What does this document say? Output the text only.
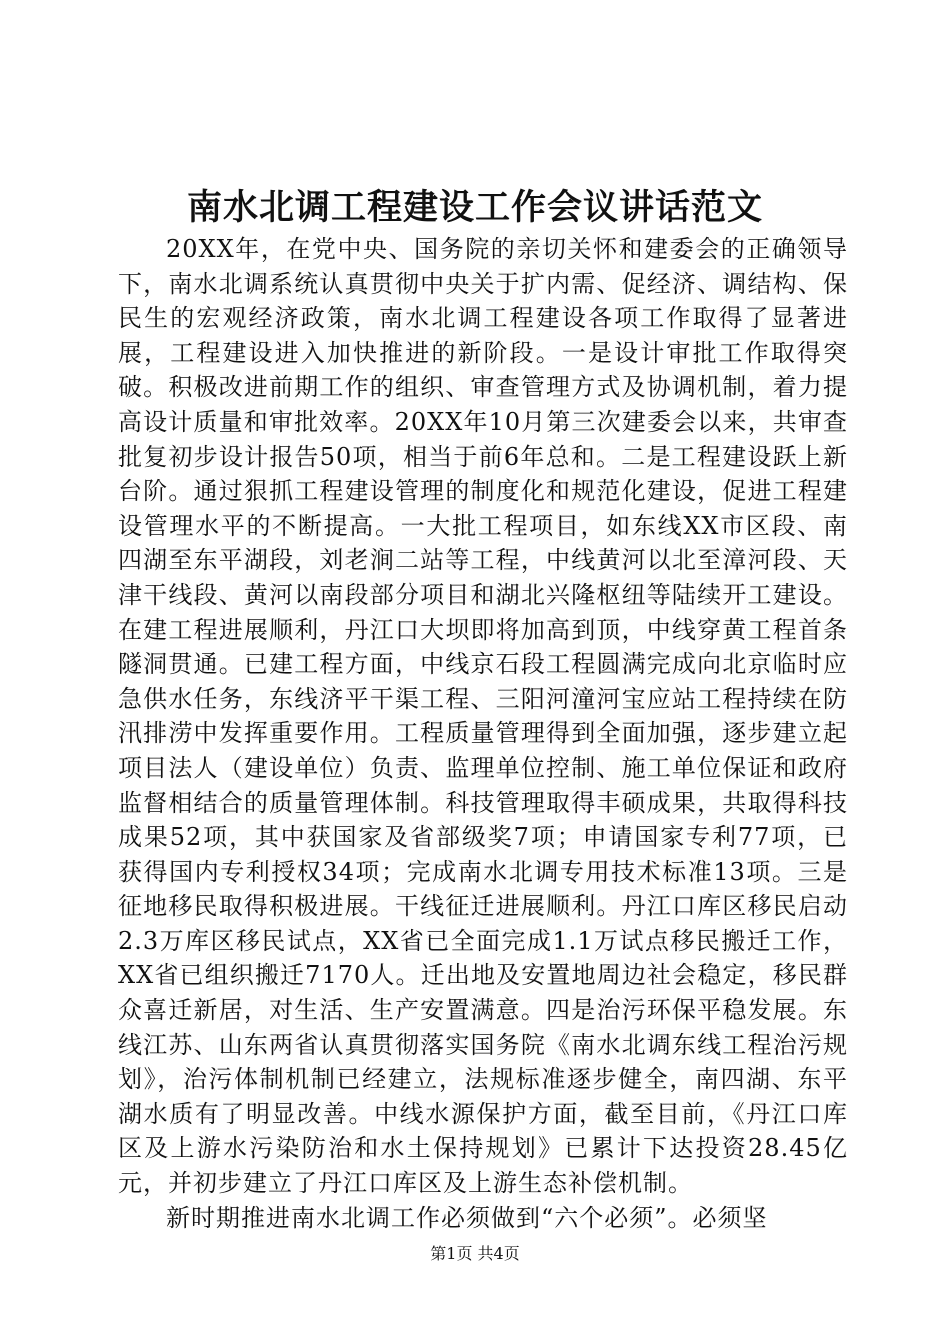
南水北调工程建设工作会议讲话范文

20XX年，在党中央、国务院的亲切关怀和建委会的正确领导下，南水北调系统认真贯彻中央关于扩内需、促经济、调结构、保民生的宏观经济政策，南水北调工程建设各项工作取得了显著进展，工程建设进入加快推进的新阶段。一是设计审批工作取得突破。积极改进前期工作的组织、审查管理方式及协调机制，着力提高设计质量和审批效率。20XX年10月第三次建委会以来，共审查批复初步设计报告50项，相当于前6年总和。二是工程建设跃上新台阶。通过狠抓工程建设管理的制度化和规范化建设，促进工程建设管理水平的不断提高。一大批工程项目，如东线XX市区段、南四湖至东平湖段，刘老涧二站等工程，中线黄河以北至漳河段、天津干线段、黄河以南段部分项目和湖北兴隆枢纽等陆续开工建设。在建工程进展顺利，丹江口大坝即将加高到顶，中线穿黄工程首条隧洞贯通。已建工程方面，中线京石段工程圆满完成向北京临时应急供水任务，东线济平干渠工程、三阳河潼河宝应站工程持续在防汛排涝中发挥重要作用。工程质量管理得到全面加强，逐步建立起项目法人（建设单位）负责、监理单位控制、施工单位保证和政府监督相结合的质量管理体制。科技管理取得丰硕成果，共取得科技成果52项，其中获国家及省部级奖7项；申请国家专利77项，已获得国内专利授权34项；完成南水北调专用技术标准13项。三是征地移民取得积极进展。干线征迁进展顺利。丹江口库区移民启动2.3万库区移民试点，XX省已全面完成1.1万试点移民搬迁工作，XX省已组织搬迁7170人。迁出地及安置地周边社会稳定，移民群众喜迁新居，对生活、生产安置满意。四是治污环保平稳发展。东线江苏、山东两省认真贯彻落实国务院《南水北调东线工程治污规划》，治污体制机制已经建立，法规标准逐步健全，南四湖、东平湖水质有了明显改善。中线水源保护方面，截至目前，《丹江口库区及上游水污染防治和水土保持规划》已累计下达投资28.45亿元，并初步建立了丹江口库区及上游生态补偿机制。

新时期推进南水北调工作必须做到“六个必须”。必须坚

第1页 共4页
